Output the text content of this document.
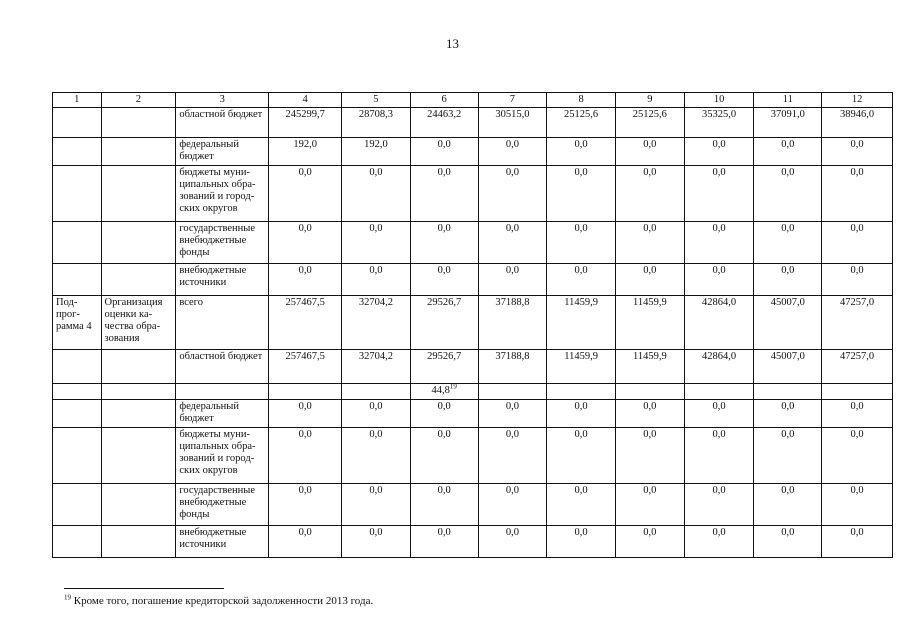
13
1	2	3	4	5	6	7	8	9	10	11	12
		областной бюджет	245299,7	28708,3	24463,2	30515,0	25125,6	25125,6	35325,0	37091,0	38946,0
		федеральный бюджет	192,0	192,0	0,0	0,0	0,0	0,0	0,0	0,0	0,0
		бюджеты муни-ципальных обра-зований и город-ских округов	0,0	0,0	0,0	0,0	0,0	0,0	0,0	0,0	0,0
		государственные внебюджетные фонды	0,0	0,0	0,0	0,0	0,0	0,0	0,0	0,0	0,0
		внебюджетные источники	0,0	0,0	0,0	0,0	0,0	0,0	0,0	0,0	0,0
Под-прог-рамма 4	Организация оценки ка-чества обра-зования	всего	257467,5	32704,2	29526,7	37188,8	11459,9	11459,9	42864,0	45007,0	47257,0
		областной бюджет	257467,5	32704,2	29526,7	37188,8	11459,9	11459,9	42864,0	45007,0	47257,0
					44,8$^{19}$						
		федеральный бюджет	0,0	0,0	0,0	0,0	0,0	0,0	0,0	0,0	0,0
		бюджеты муни-ципальных обра-зований и город-ских округов	0,0	0,0	0,0	0,0	0,0	0,0	0,0	0,0	0,0
		государственные внебюджетные фонды	0,0	0,0	0,0	0,0	0,0	0,0	0,0	0,0	0,0
		внебюджетные источники	0,0	0,0	0,0	0,0	0,0	0,0	0,0	0,0	0,0
$^{19}$ Кроме того, погашение кредиторской задолженности 2013 года.
